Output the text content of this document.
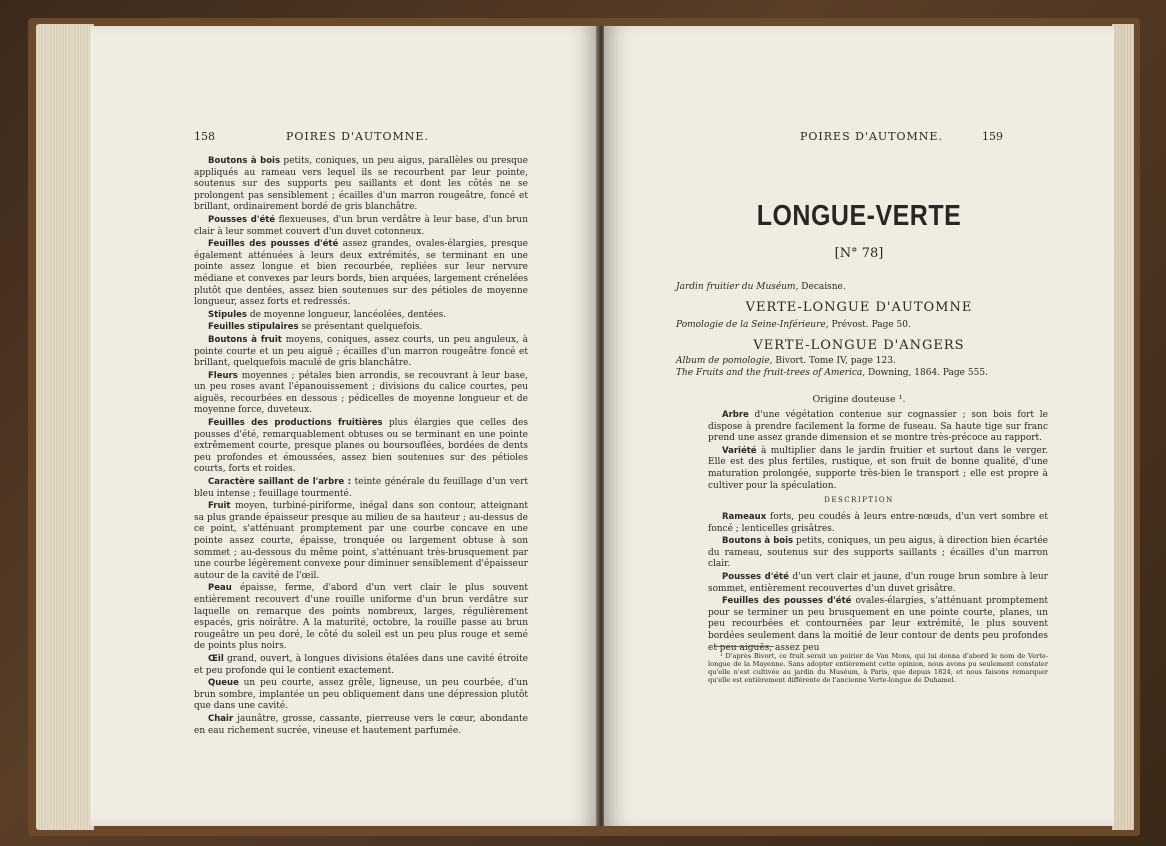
158	POIRES D'AUTOMNE.

Boutons à bois petits, coniques, un peu aigus, parallèles ou presque appliqués au rameau vers lequel ils se recourbent par leur pointe, soutenus sur des supports peu saillants et dont les côtés ne se prolongent pas sensiblement ; écailles d'un marron rougeâtre, foncé et brillant, ordinairement bordé de gris blanchâtre.

Pousses d'été flexueuses, d'un brun verdâtre à leur base, d'un brun clair à leur sommet couvert d'un duvet cotonneux.

Feuilles des pousses d'été assez grandes, ovales-élargies, presque également atténuées à leurs deux extrémités, se terminant en une pointe assez longue et bien recourbée, repliées sur leur nervure médiane et convexes par leurs bords, bien arquées, largement crénelées plutôt que dentées, assez bien soutenues sur des pétioles de moyenne longueur, assez forts et redressés.

Stipules de moyenne longueur, lancéolées, dentées.

Feuilles stipulaires se présentant quelquefois.

Boutons à fruit moyens, coniques, assez courts, un peu anguleux, à pointe courte et un peu aiguë ; écailles d'un marron rougeâtre foncé et brillant, quelquefois maculé de gris blanchâtre.

Fleurs moyennes ; pétales bien arrondis, se recouvrant à leur base, un peu roses avant l'épanouissement ; divisions du calice courtes, peu aiguës, recourbées en dessous ; pédicelles de moyenne longueur et de moyenne force, duveteux.

Feuilles des productions fruitières plus élargies que celles des pousses d'été, remarquablement obtuses ou se terminant en une pointe extrêmement courte, presque planes ou boursouflées, bordées de dents peu profondes et émoussées, assez bien soutenues sur des pétioles courts, forts et roides.

Caractère saillant de l'arbre : teinte générale du feuillage d'un vert bleu intense ; feuillage tourmenté.

Fruit moyen, turbiné-piriforme, inégal dans son contour, atteignant sa plus grande épaisseur presque au milieu de sa hauteur ; au-dessus de ce point, s'atténuant promptement par une courbe concave en une pointe assez courte, épaisse, tronquée ou largement obtuse à son sommet ; au-dessous du même point, s'atténuant très-brusquement par une courbe légèrement convexe pour diminuer sensiblement d'épaisseur autour de la cavité de l'œil.

Peau épaisse, ferme, d'abord d'un vert clair le plus souvent entièrement recouvert d'une rouille uniforme d'un brun verdâtre sur laquelle on remarque des points nombreux, larges, régulièrement espacés, gris noirâtre. A la maturité, octobre, la rouille passe au brun rougeâtre un peu doré, le côté du soleil est un peu plus rouge et semé de points plus noirs.

Œil grand, ouvert, à longues divisions étalées dans une cavité étroite et peu profonde qui le contient exactement.

Queue un peu courte, assez grêle, ligneuse, un peu courbée, d'un brun sombre, implantée un peu obliquement dans une dépression plutôt que dans une cavité.

Chair jaunâtre, grosse, cassante, pierreuse vers le cœur, abondante en eau richement sucrée, vineuse et hautement parfumée.

POIRES D'AUTOMNE.	159
LONGUE-VERTE
[N° 78]
Jardin fruitier du Muséum, Decaisne.
VERTE-LONGUE D'AUTOMNE
Pomologie de la Seine-Inférieure, Prévost. Page 50.
VERTE-LONGUE D'ANGERS
Album de pomologie, Bivort. Tome IV, page 123.
The Fruits and the fruit-trees of America, Downing, 1864. Page 555.
Origine douteuse ¹.

Arbre d'une végétation contenue sur cognassier ; son bois fort le dispose à prendre facilement la forme de fuseau. Sa haute tige sur franc prend une assez grande dimension et se montre très-précoce au rapport.

Variété à multiplier dans le jardin fruitier et surtout dans le verger. Elle est des plus fertiles, rustique, et son fruit de bonne qualité, d'une maturation prolongée, supporte très-bien le transport ; elle est propre à cultiver pour la spéculation.

DESCRIPTION

Rameaux forts, peu coudés à leurs entre-nœuds, d'un vert sombre et foncé ; lenticelles grisâtres.

Boutons à bois petits, coniques, un peu aigus, à direction bien écartée du rameau, soutenus sur des supports saillants ; écailles d'un marron clair.

Pousses d'été d'un vert clair et jaune, d'un rouge brun sombre à leur sommet, entièrement recouvertes d'un duvet grisâtre.

Feuilles des pousses d'été ovales-élargies, s'atténuant promptement pour se terminer un peu brusquement en une pointe courte, planes, un peu recourbées et contournées par leur extrémité, le plus souvent bordées seulement dans la moitié de leur contour de dents peu profondes et peu aiguës, assez peu

¹ D'après Bivort, ce fruit serait un poirier de Van Mons, qui lui donna d'abord le nom de Verte-longue de la Mayenne. Sans adopter entièrement cette opinion, nous avons pu seulement constater qu'elle n'est cultivée au jardin du Muséum, à Paris, que depuis 1824, et nous faisons remarquer qu'elle est entièrement différente de l'ancienne Verte-longue de Duhamel.
